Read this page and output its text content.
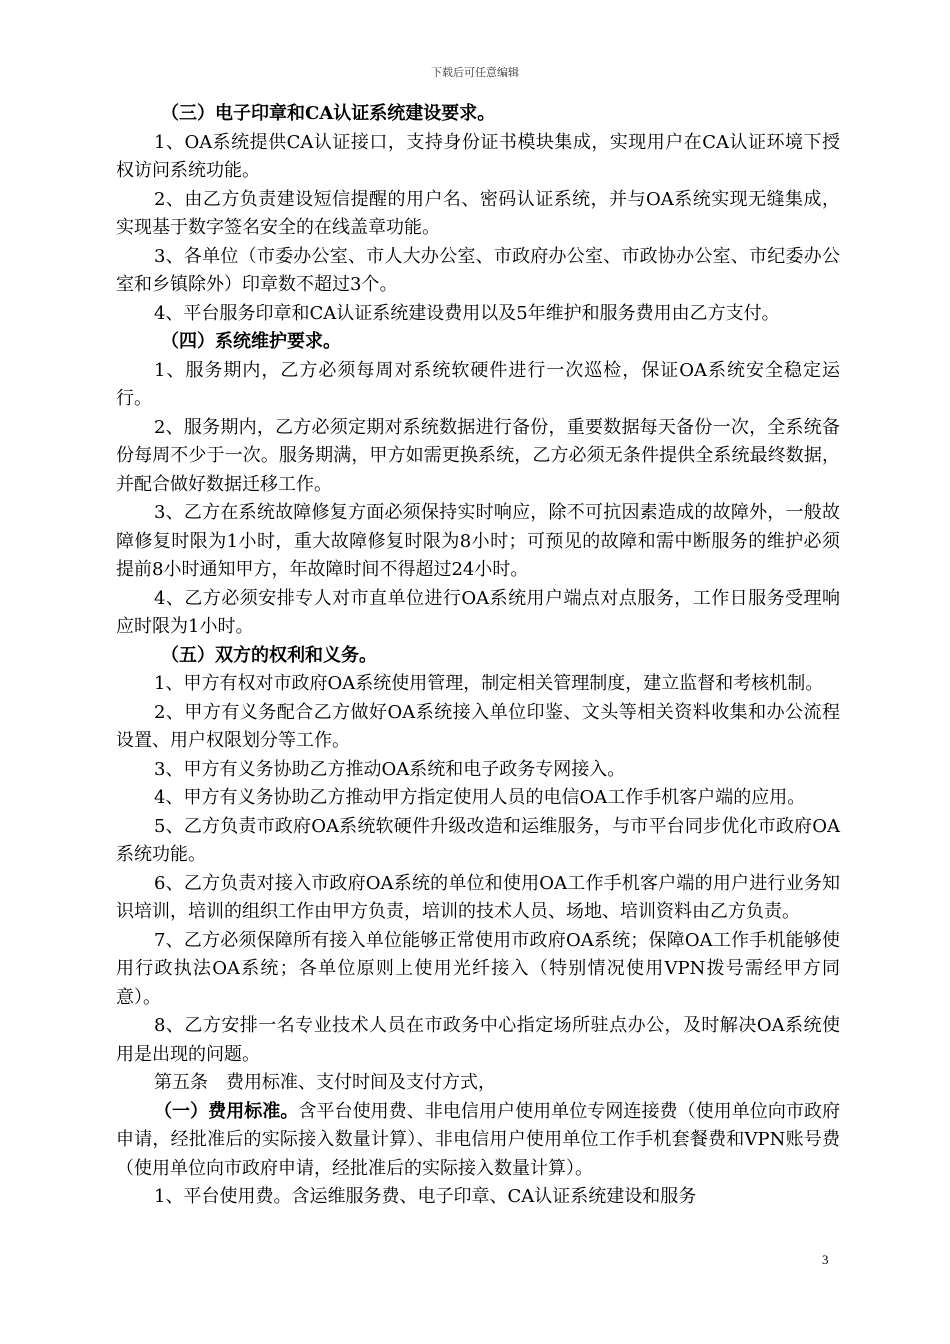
下载后可任意编辑

（三）电子印章和CA认证系统建设要求。

1、OA系统提供CA认证接口，支持身份证书模块集成，实现用户在CA认证环境下授权访问系统功能。

2、由乙方负责建设短信提醒的用户名、密码认证系统，并与OA系统实现无缝集成，实现基于数字签名安全的在线盖章功能。

3、各单位（市委办公室、市人大办公室、市政府办公室、市政协办公室、市纪委办公室和乡镇除外）印章数不超过3个。

4、平台服务印章和CA认证系统建设费用以及5年维护和服务费用由乙方支付。

（四）系统维护要求。

1、服务期内，乙方必须每周对系统软硬件进行一次巡检，保证OA系统安全稳定运行。

2、服务期内，乙方必须定期对系统数据进行备份，重要数据每天备份一次，全系统备份每周不少于一次。服务期满，甲方如需更换系统，乙方必须无条件提供全系统最终数据，并配合做好数据迁移工作。

3、乙方在系统故障修复方面必须保持实时响应，除不可抗因素造成的故障外，一般故障修复时限为1小时，重大故障修复时限为8小时；可预见的故障和需中断服务的维护必须提前8小时通知甲方，年故障时间不得超过24小时。

4、乙方必须安排专人对市直单位进行OA系统用户端点对点服务，工作日服务受理响应时限为1小时。

（五）双方的权利和义务。

1、甲方有权对市政府OA系统使用管理，制定相关管理制度，建立监督和考核机制。

2、甲方有义务配合乙方做好OA系统接入单位印鉴、文头等相关资料收集和办公流程设置、用户权限划分等工作。

3、甲方有义务协助乙方推动OA系统和电子政务专网接入。

4、甲方有义务协助乙方推动甲方指定使用人员的电信OA工作手机客户端的应用。

5、乙方负责市政府OA系统软硬件升级改造和运维服务，与市平台同步优化市政府OA系统功能。

6、乙方负责对接入市政府OA系统的单位和使用OA工作手机客户端的用户进行业务知识培训，培训的组织工作由甲方负责，培训的技术人员、场地、培训资料由乙方负责。

7、乙方必须保障所有接入单位能够正常使用市政府OA系统；保障OA工作手机能够使用行政执法OA系统；各单位原则上使用光纤接入（特别情况使用VPN拨号需经甲方同意）。

8、乙方安排一名专业技术人员在市政务中心指定场所驻点办公，及时解决OA系统使用是出现的问题。

第五条　费用标准、支付时间及支付方式，

（一）费用标准。含平台使用费、非电信用户使用单位专网连接费（使用单位向市政府申请，经批准后的实际接入数量计算）、非电信用户使用单位工作手机套餐费和VPN账号费（使用单位向市政府申请，经批准后的实际接入数量计算）。

1、平台使用费。含运维服务费、电子印章、CA认证系统建设和服务

3
